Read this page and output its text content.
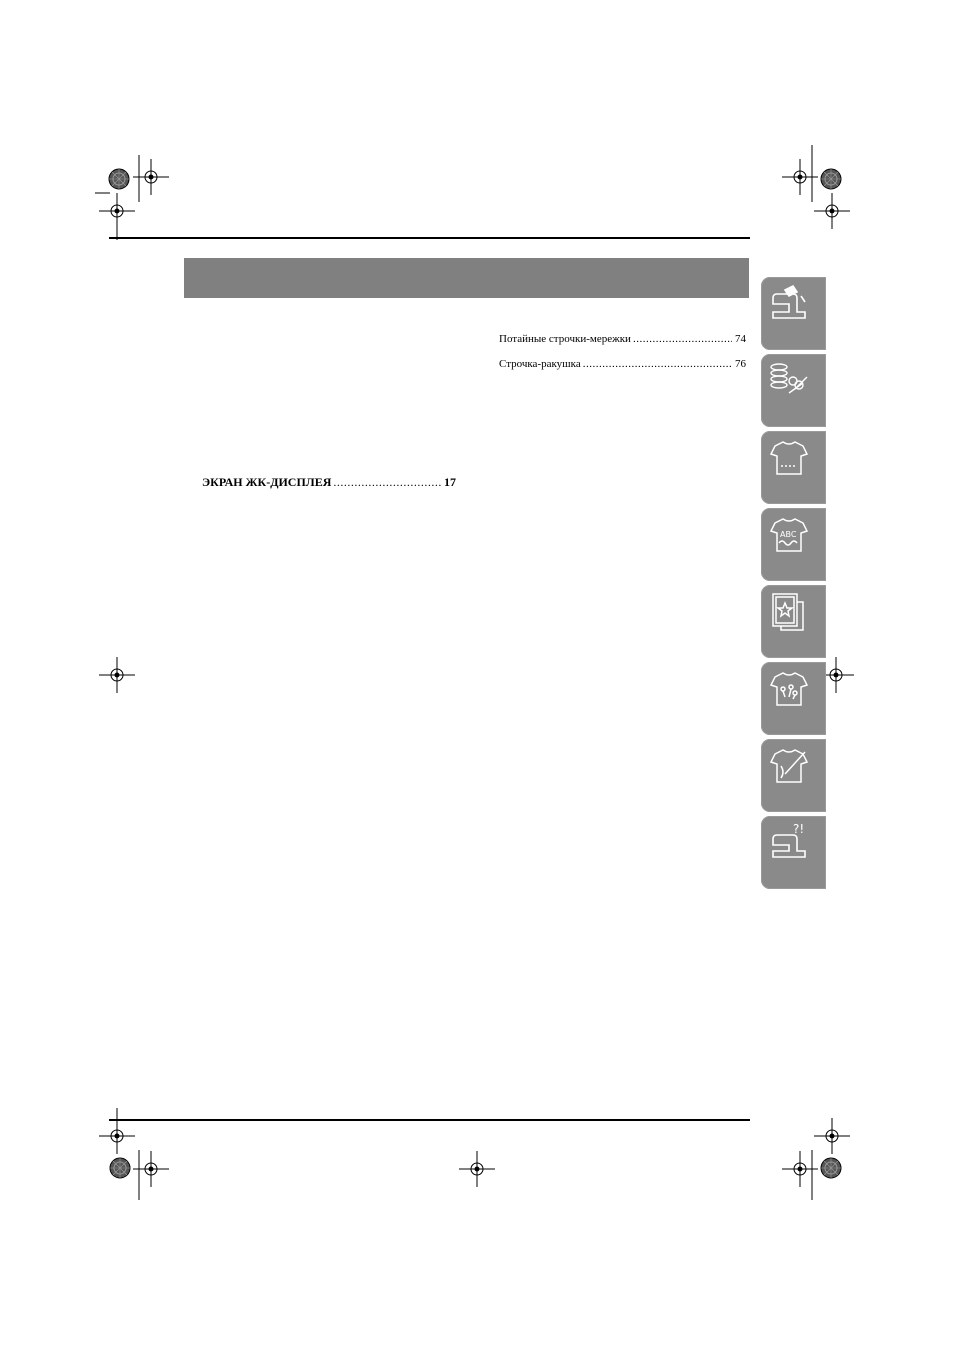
Потайные строчки-мережки .....	74
Строчка-ракушка .....	76
ЭКРАН ЖК-ДИСПЛЕЯ .....	17
ABC
?!
